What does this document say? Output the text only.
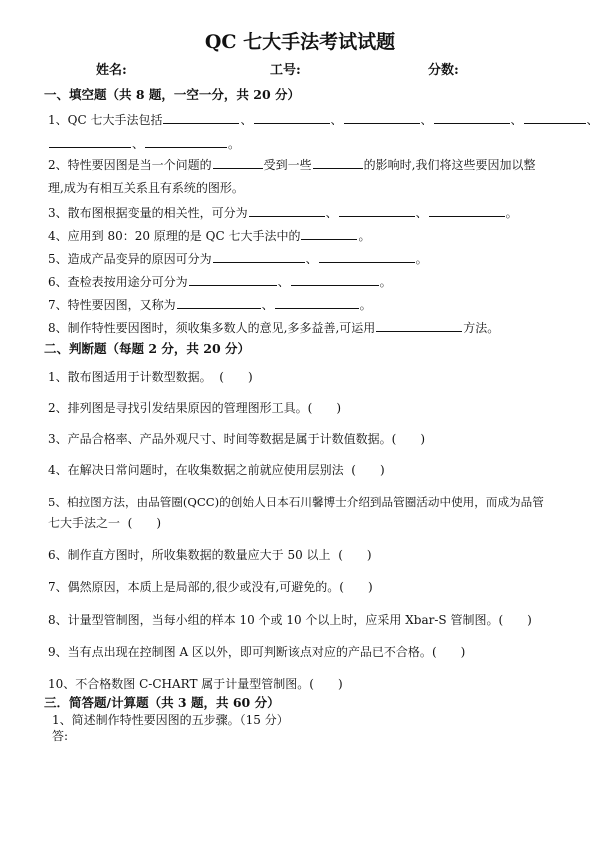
QC 七大手法考试试题
姓名:	工号:	分数:
一、填空题（共 8 题，一空一分，共 20 分）
1、QC 七大手法包括	、	、	、	、	、
、	。
2、特性要因图是当一个问题的	受到一些	的影响时,我们将这些要因加以整
理,成为有相互关系且有系统的图形。
3、散布图根据变量的相关性，可分为	、	、	。
4、应用到 80：20 原理的是 QC 七大手法中的	。
5、造成产品变异的原因可分为	、	。
6、查检表按用途分可分为	、	。
7、特性要因图，又称为	、	。
8、制作特性要因图时，须收集多数人的意见,多多益善,可运用	方法。
二、判断题（每题 2 分，共 20 分）
1、散布图适用于计数型数据。 (　　)
2、排列图是寻找引发结果原因的管理图形工具。(　　)
3、产品合格率、产品外观尺寸、时间等数据是属于计数值数据。(　　)
4、在解决日常问题时，在收集数据之前就应使用层别法 (　　)
5、柏拉图方法，由品管圈(QCC)的创始人日本石川馨博士介绍到品管圈活动中使用，而成为品管
七大手法之一 (　　)
6、制作直方图时，所收集数据的数量应大于 50 以上 (　　)
7、偶然原因，本质上是局部的,很少或没有,可避免的。(　　)
8、计量型管制图，当每小组的样本 10 个或 10 个以上时，应采用 Xbar-S 管制图。(　　)
9、当有点出现在控制图 A 区以外，即可判断该点对应的产品已不合格。(　　)
10、不合格数图 C-CHART 属于计量型管制图。(　　)
三．简答题/计算题（共 3 题，共 60 分）
1、简述制作特性要因图的五步骤。（15 分）
答:
